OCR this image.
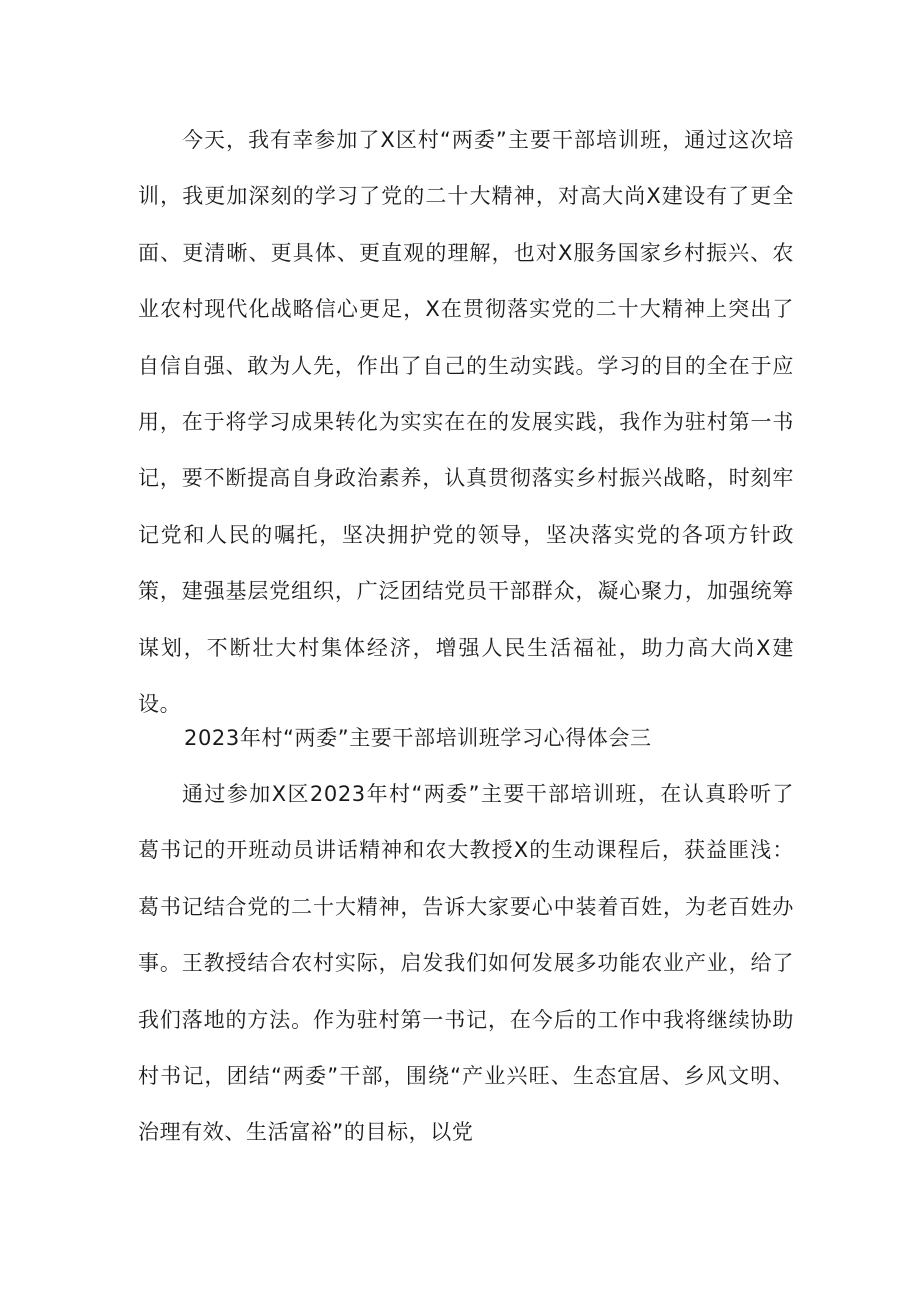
今天，我有幸参加了X区村“两委”主要干部培训班，通过这次培训，我更加深刻的学习了党的二十大精神，对高大尚X建设有了更全面、更清晰、更具体、更直观的理解，也对X服务国家乡村振兴、农业农村现代化战略信心更足，X在贯彻落实党的二十大精神上突出了自信自强、敢为人先，作出了自己的生动实践。学习的目的全在于应用，在于将学习成果转化为实实在在的发展实践，我作为驻村第一书记，要不断提高自身政治素养，认真贯彻落实乡村振兴战略，时刻牢记党和人民的嘱托，坚决拥护党的领导，坚决落实党的各项方针政策，建强基层党组织，广泛团结党员干部群众，凝心聚力，加强统筹谋划，不断壮大村集体经济，增强人民生活福祉，助力高大尚X建设。

2023年村“两委”主要干部培训班学习心得体会三

通过参加X区2023年村“两委”主要干部培训班，在认真聆听了葛书记的开班动员讲话精神和农大教授X的生动课程后，获益匪浅：葛书记结合党的二十大精神，告诉大家要心中装着百姓，为老百姓办事。王教授结合农村实际，启发我们如何发展多功能农业产业，给了我们落地的方法。作为驻村第一书记，在今后的工作中我将继续协助村书记，团结“两委”干部，围绕“产业兴旺、生态宜居、乡风文明、治理有效、生活富裕”的目标，以党
